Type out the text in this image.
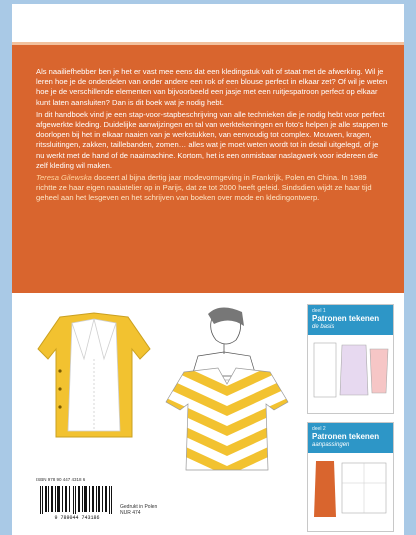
Als naailiefhebber ben je het er vast mee eens dat een kledingstuk valt of staat met de afwerking. Wil je leren hoe je de onderdelen van onder andere een rok of een blouse perfect in elkaar zet? Of wil je weten hoe je de verschillende elementen van bijvoorbeeld een jasje met een ruitjespatroon perfect op elkaar kunt laten aansluiten? Dan is dit boek wat je nodig hebt.

In dit handboek vind je een stap-voor-stapbeschrijving van alle technieken die je nodig hebt voor perfect afgewerkte kleding. Duidelijke aanwijzingen en tal van werktekeningen en foto's helpen je alle stappen te doorlopen bij het in elkaar naaien van je werkstukken, van eenvoudig tot complex. Mouwen, kragen, ritssluitingen, zakken, taillebanden, zomen… alles wat je moet weten wordt tot in detail uitgelegd, of je nu werkt met de hand of de naaimachine. Kortom, het is een onmisbaar naslagwerk voor iedereen die zelf kleding wil maken.

Teresa Gilewska doceert al bijna dertig jaar modevormgeving in Frankrijk, Polen en China. In 1989 richtte ze haar eigen naaiatelier op in Parijs, dat ze tot 2000 heeft geleid. Sindsdien wijdt ze haar tijd geheel aan het lesgeven en het schrijven van boeken over mode en kledingontwerp.

deel 1
Patronen tekenen
de basis
deel 2
Patronen tekenen
aanpassingen
ISBN 978 90 447 4318 6
9 789044 743186
Gedrukt in Polen
NUR 474
